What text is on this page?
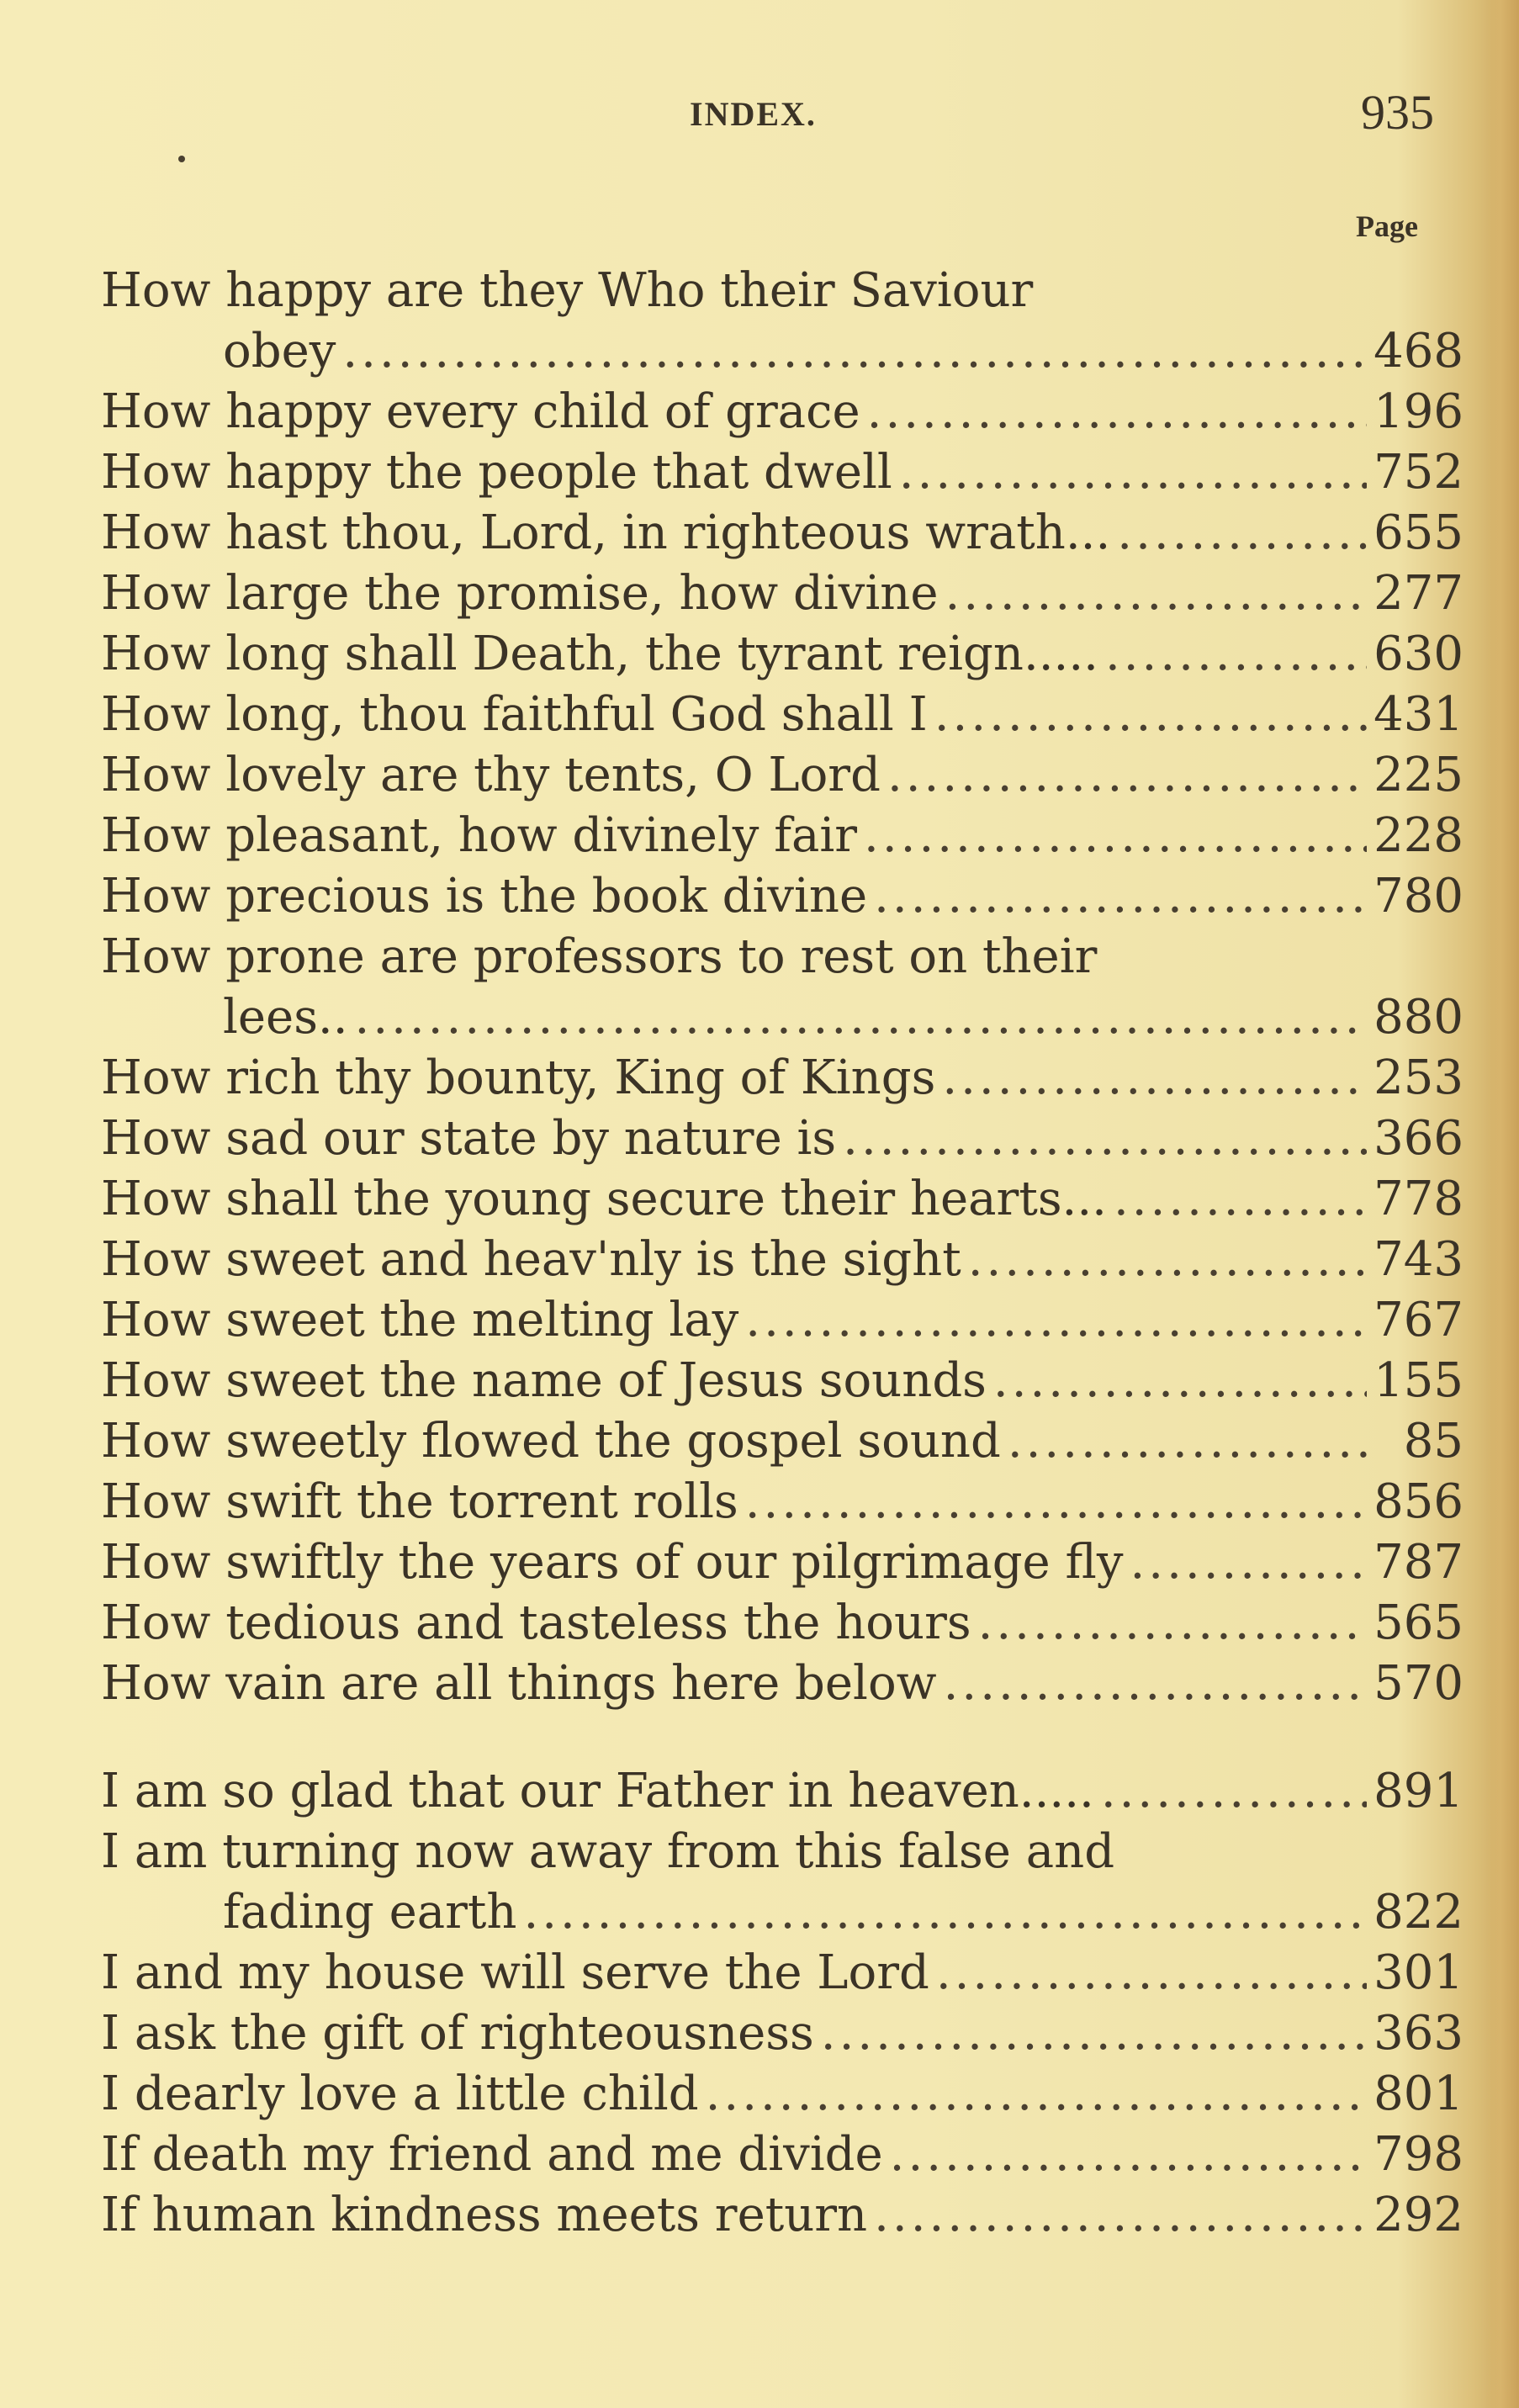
INDEX.	935
Page
How happy are they Who their Saviour
obey .....	468
How happy every child of grace .....	196
How happy the people that dwell .....	752
How hast thou, Lord, in righteous wrath... .....	655
How large the promise, how divine .....	277
How long shall Death, the tyrant reign..... .....	630
How long, thou faithful God shall I .....	431
How lovely are thy tents, O Lord .....	225
How pleasant, how divinely fair .....	228
How precious is the book divine .....	780
How prone are professors to rest on their
lees.. .....	880
How rich thy bounty, King of Kings .....	253
How sad our state by nature is .....	366
How shall the young secure their hearts... .....	778
How sweet and heav'nly is the sight .....	743
How sweet the melting lay .....	767
How sweet the name of Jesus sounds .....	155
How sweetly flowed the gospel sound .....	85
How swift the torrent rolls .....	856
How swiftly the years of our pilgrimage fly .....	787
How tedious and tasteless the hours .....	565
How vain are all things here below .....	570
I am so glad that our Father in heaven..... .....	891
I am turning now away from this false and
fading earth .....	822
I and my house will serve the Lord .....	301
I ask the gift of righteousness .....	363
I dearly love a little child .....	801
If death my friend and me divide .....	798
If human kindness meets return .....	292
